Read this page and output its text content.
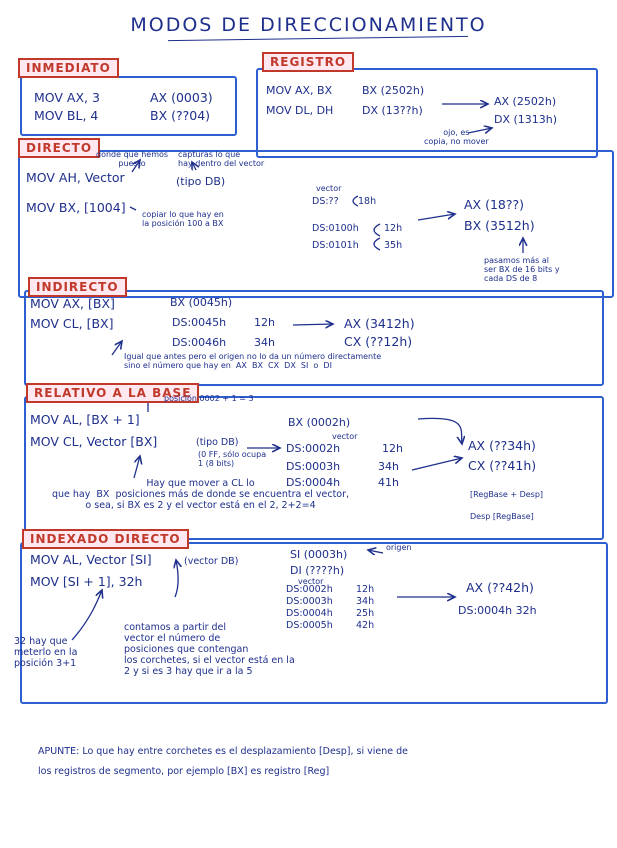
MODOS DE DIRECCIONAMIENTO
INMEDIATO
MOV AX, 3	AX (0003)
MOV BL, 4	BX (??04)
REGISTRO
MOV AX, BX	BX (2502h)
AX (2502h)
MOV DL, DH	DX (13??h)
DX (1313h)
ojo, es
copia, no mover
DIRECTO donde que hemos
puesto
capturas lo que
hay dentro del vector
MOV AH, Vector	(tipo DB)
MOV BX, [1004] copiar lo que hay en
la posición 100 a BX
vector
DS:?? 18h
DS:0100h	12h
DS:0101h	35h
AX (18??)
BX (3512h)
pasamos más al
ser BX de 16 bits y
cada DS de 8
INDIRECTO
MOV AX, [BX]	BX (0045h)
MOV CL, [BX]	DS:0045h	12h
DS:0046h	34h
AX (3412h)
CX (??12h)
Igual que antes pero el origen no lo da un número directamente
sino el número que hay en  AX  BX  CX  DX  SI  o  DI
RELATIVO A LA BASE
posición 0002 + 1 = 3
MOV AL, [BX + 1]
MOV CL, Vector [BX]	(tipo DB)
(0 FF, sólo ocupa
1 (8 bits)
BX (0002h)
vector
DS:0002h	12h
DS:0003h	34h
DS:0004h	41h
AX (??34h)
CX (??41h)
[RegBase + Desp]
Desp [RegBase]
Hay que mover a CL lo
que hay  BX  posiciones más de donde se encuentra el vector,
o sea, si BX es 2 y el vector está en el 2, 2+2=4
INDEXADO DIRECTO
MOV AL, Vector [SI]	(vector DB)
MOV [SI + 1], 32h
SI (0003h)
origen
DI (????h)
vector
DS:0002h 12h
DS:0003h 34h
DS:0004h 25h
DS:0005h 42h
AX (??42h)
DS:0004h 32h
32 hay que
meterlo en la
posición 3+1
contamos a partir del
vector el número de
posiciones que contengan
los corchetes, si el vector está en la
2 y si es 3 hay que ir a la 5
APUNTE: Lo que hay entre corchetes es el desplazamiento [Desp], si viene de
los registros de segmento, por ejemplo [BX] es registro [Reg]
